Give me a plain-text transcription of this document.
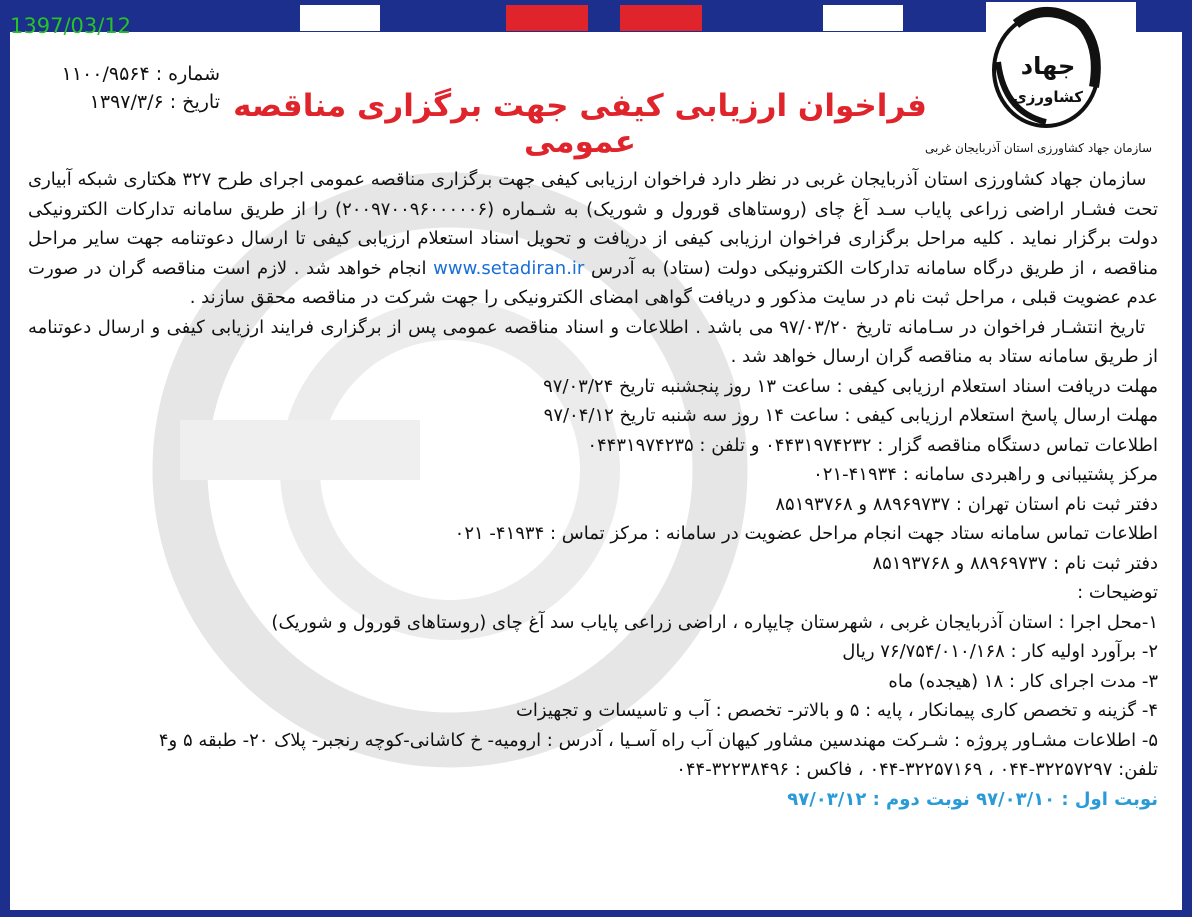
جهاد
کشاورزی
1397/03/12
شماره : ۱۱۰۰/۹۵۶۴
تاریخ : ۱۳۹۷/۳/۶ فراخوان ارزیابی کیفی جهت برگزاری مناقصه عمومی	سازمان جهاد کشاورزی استان آذربایجان غربی

سازمان جهاد کشاورزی استان آذربایجان غربی در نظر دارد فراخوان ارزیابی کیفی جهت برگزاری مناقصه عمومی اجرای طرح ۳۲۷ هکتاری شبکه آبیاری تحت فشـار اراضی زراعی پایاب سـد آغ چای (روستاهای قورول و شوریک) به شـماره (۲۰۰۹۷۰۰۹۶۰۰۰۰۰۶) را از طریق سامانه تدارکات الکترونیکی دولت برگزار نماید . کلیه مراحل برگزاری فراخوان ارزیابی کیفی از دریافت و تحویل اسناد استعلام ارزیابی کیفی تا ارسال دعوتنامه جهت سایر مراحل مناقصه ، از طریق درگاه سامانه تدارکات الکترونیکی دولت (ستاد) به آدرس www.setadiran.ir انجام خواهد شد . لازم است مناقصه گران در صورت عدم عضویت قبلی ، مراحل ثبت نام در سایت مذکور و دریافت گواهی امضای الکترونیکی را جهت شرکت در مناقصه محقق سازند .

تاریخ انتشـار فراخوان در سـامانه تاریخ ۹۷/۰۳/۲۰ می باشد . اطلاعات و اسناد مناقصه عمومی پس از برگزاری فرایند ارزیابی کیفی و ارسال دعوتنامه از طریق سامانه ستاد به مناقصه گران ارسال خواهد شد .

مهلت دریافت اسناد استعلام ارزیابی کیفی : ساعت ۱۳ روز پنجشنبه تاریخ ۹۷/۰۳/۲۴

مهلت ارسال پاسخ استعلام ارزیابی کیفی : ساعت ۱۴ روز سه شنبه تاریخ ۹۷/۰۴/۱۲

اطلاعات تماس دستگاه مناقصه گزار : ۰۴۴۳۱۹۷۴۲۳۲ و تلفن : ۰۴۴۳۱۹۷۴۲۳۵

مرکز پشتیبانی و راهبردی سامانه : ۴۱۹۳۴-۰۲۱

دفتر ثبت نام استان تهران : ۸۸۹۶۹۷۳۷ و ۸۵۱۹۳۷۶۸

اطلاعات تماس سامانه ستاد جهت انجام مراحل عضویت در سامانه : مرکز تماس : ۴۱۹۳۴- ۰۲۱

دفتر ثبت نام : ۸۸۹۶۹۷۳۷ و ۸۵۱۹۳۷۶۸

توضیحات :

۱-محل اجرا : استان آذربایجان غربی ، شهرستان چایپاره ، اراضی زراعی پایاب سد آغ چای (روستاهای قورول و شوریک)

۲- برآورد اولیه کار : ۷۶/۷۵۴/۰۱۰/۱۶۸ ریال

۳- مدت اجرای کار : ۱۸ (هیجده) ماه

۴- گزینه و تخصص کاری پیمانکار ، پایه : ۵ و بالاتر- تخصص : آب و تاسیسات و تجهیزات

۵- اطلاعات مشـاور پروژه : شـرکت مهندسین مشاور کیهان آب راه آسـیا ، آدرس : ارومیه- خ کاشانی-کوچه رنجبر- پلاک ۲۰- طبقه ۵ و۴

تلفن: ۳۲۲۵۷۲۹۷-۰۴۴ ، ۳۲۲۵۷۱۶۹-۰۴۴ ، فاکس : ۳۲۲۳۸۴۹۶-۰۴۴

نوبت اول : ۹۷/۰۳/۱۰ نوبت دوم : ۹۷/۰۳/۱۲
